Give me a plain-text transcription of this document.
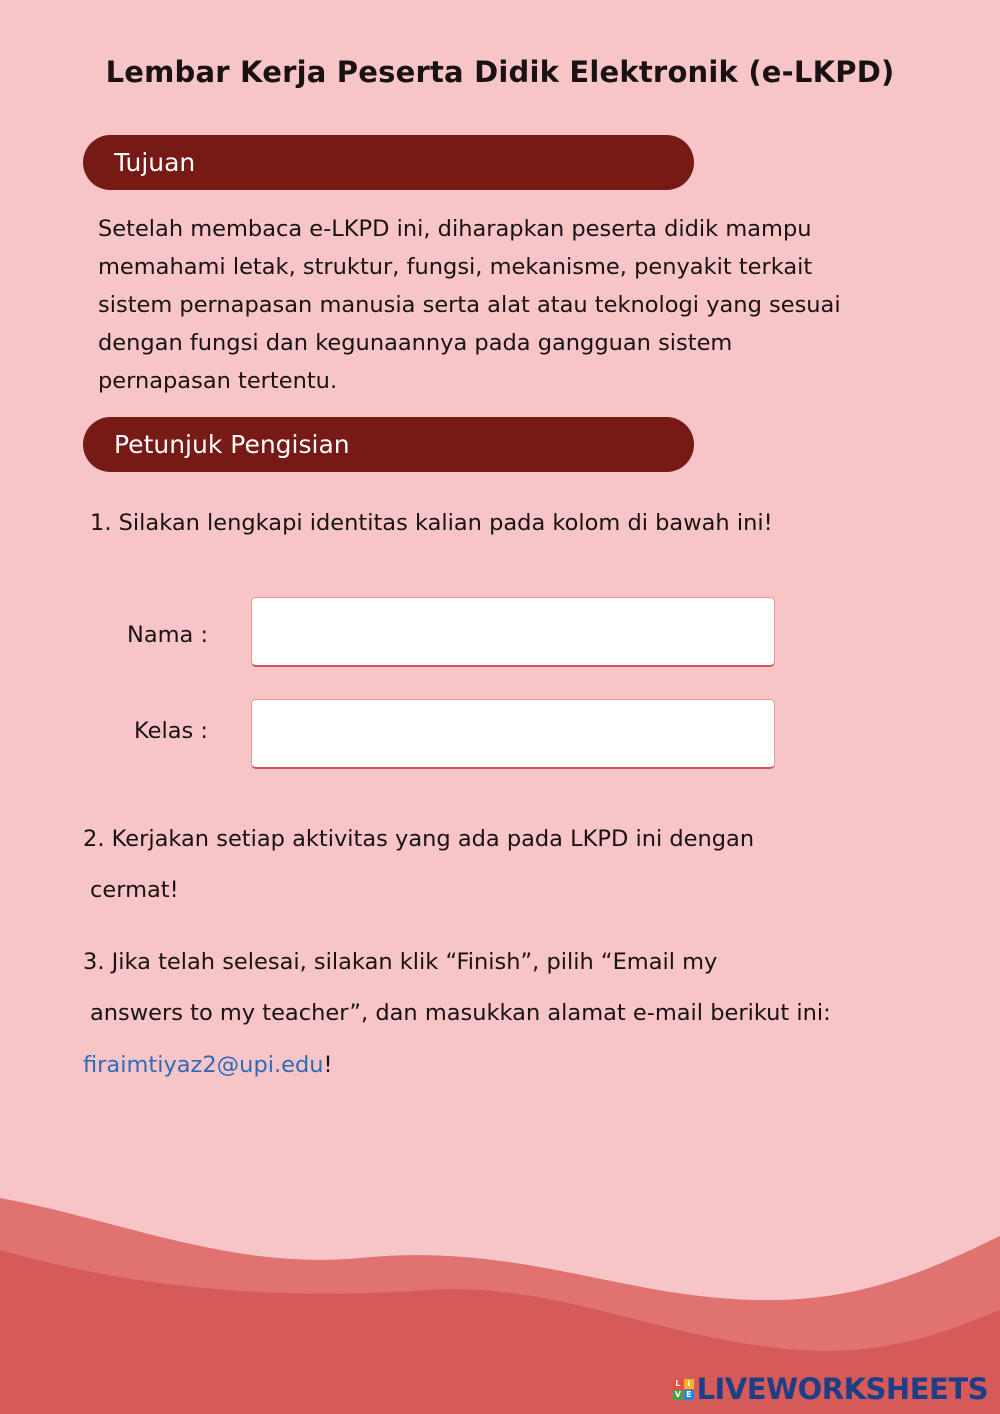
Lembar Kerja Peserta Didik Elektronik (e-LKPD)
Tujuan

Setelah membaca e-LKPD ini, diharapkan peserta didik mampu memahami letak, struktur, fungsi, mekanisme, penyakit terkait sistem pernapasan manusia serta alat atau teknologi yang sesuai dengan fungsi dan kegunaannya pada gangguan sistem pernapasan tertentu.

Petunjuk Pengisian

1. Silakan lengkapi identitas kalian pada kolom di bawah ini!

Nama :
Kelas :

2. Kerjakan setiap aktivitas yang ada pada LKPD ini dengan

cermat!

3. Jika telah selesai, silakan klik “Finish”, pilih “Email my

answers to my teacher”, dan masukkan alamat e-mail berikut ini:

firaimtiyaz2@upi.edu!

L I
V E LIVEWORKSHEETS
